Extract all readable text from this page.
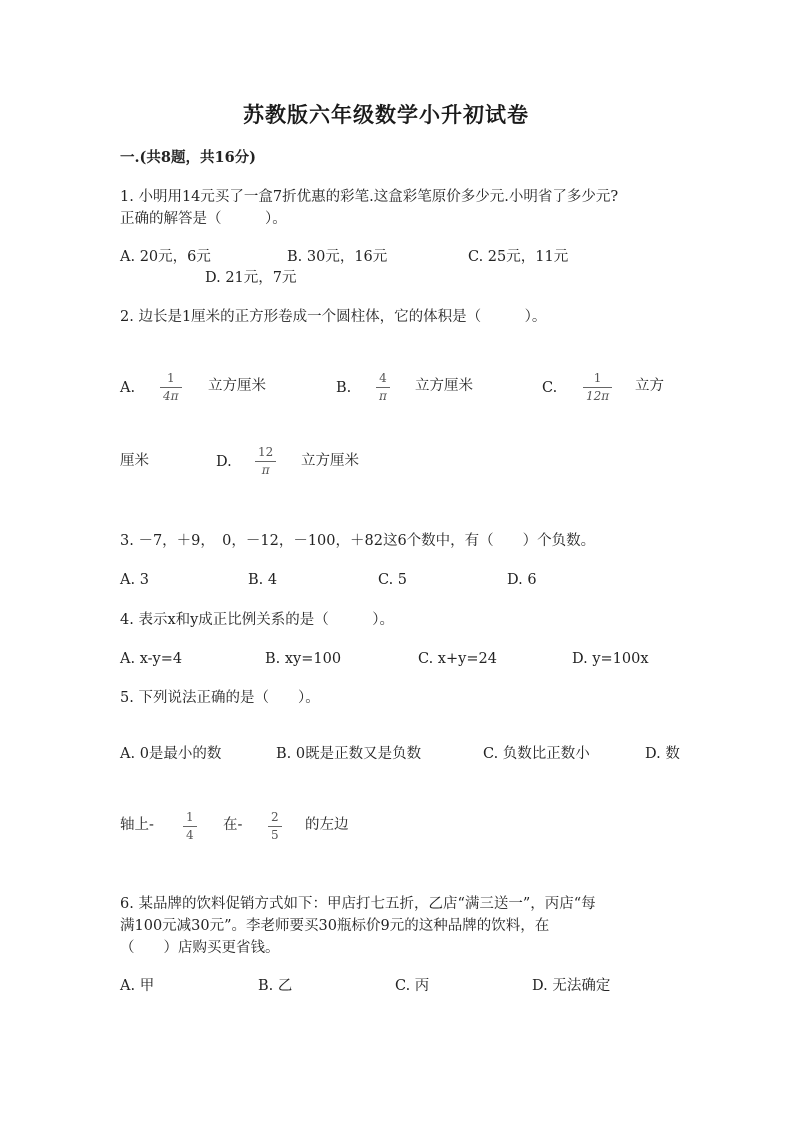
苏教版六年级数学小升初试卷
一.(共8题，共16分)
1. 小明用14元买了一盒7折优惠的彩笔.这盒彩笔原价多少元.小明省了多少元?
正确的解答是（　　　）。
A. 20元，6元	B. 30元，16元	C. 25元，11元
D. 21元，7元
2. 边长是1厘米的正方形卷成一个圆柱体，它的体积是（　　　）。
A.
1
4π
立方厘米	B.
4
π
立方厘米	C.
1
12π
立方
厘米	D.
12
π
立方厘米
3. －7，＋9，　0，－12，－100，＋82这6个数中，有（　　）个负数。
A. 3	B. 4	C. 5	D. 6
4. 表示x和y成正比例关系的是（　　　）。
A. x-y=4	B. xy=100	C. x+y=24	D. y=100x
5. 下列说法正确的是（　　）。
A. 0是最小的数	B. 0既是正数又是负数	C. 负数比正数小	D. 数
轴上-	1
4
在- 2
5
的左边
6. 某品牌的饮料促销方式如下：甲店打七五折，乙店“满三送一”，丙店“每
满100元减30元”。李老师要买30瓶标价9元的这种品牌的饮料，在
（　　）店购买更省钱。
A. 甲	B. 乙	C. 丙	D. 无法确定
